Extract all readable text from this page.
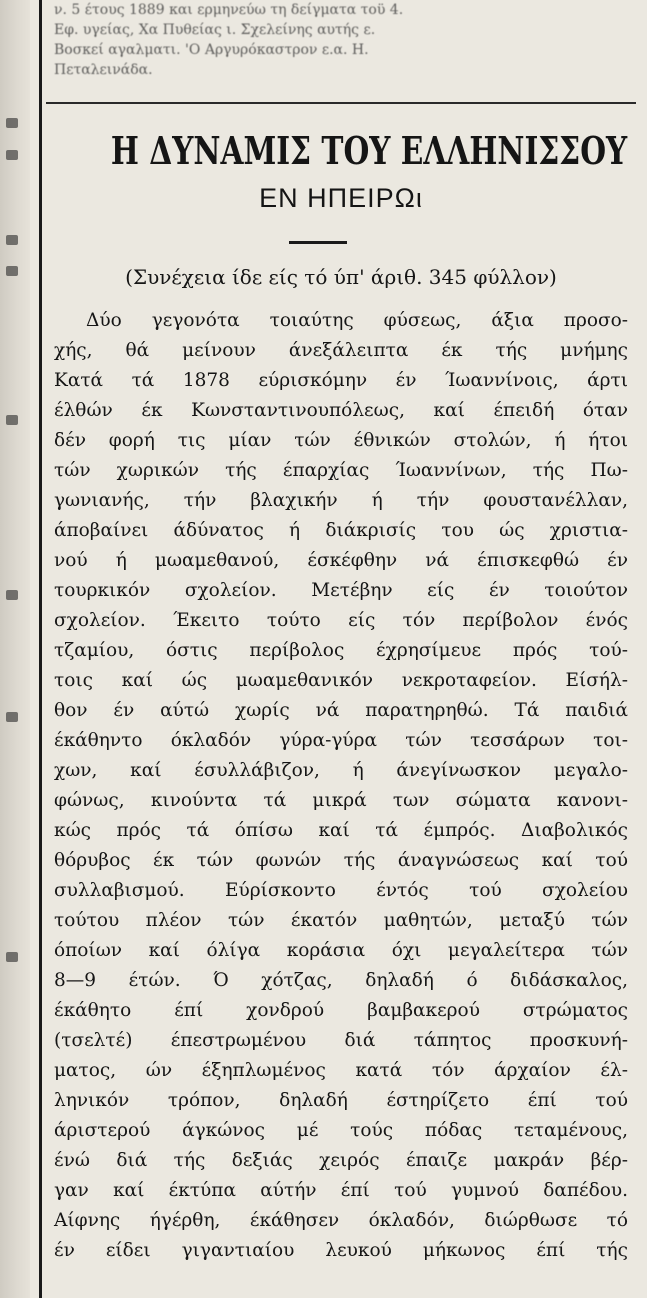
ν. 5 έτους 1889 και ερμηνεύω τη δείγματα τοϋ 4.

Εφ. υγείας, Χα Πυθείας ι. Σχελείνης αυτής ε.

Βοσκεί αγαλματι. 'Ο Αργυρόκαστρον ε.α. Η.

Πεταλεινάδα.

Η ΔΥΝΑΜΙΣ ΤΟΥ ΕΛΛΗΝΙΣΣΟΥ
ΕΝ ΗΠΕΙΡΩι
(Συνέχεια ίδε είς τό ύπ' άριθ. 345 φύλλον)
Δύο γεγονότα τοιαύτης φύσεως, άξια προσο-
χής, θά μείνουν άνεξάλειπτα έκ τής μνήμης
Κατά τά 1878 εύρισκόμην έν Ίωαννίνοις, άρτι
έλθών έκ Κωνσταντινουπόλεως, καί έπειδή όταν
δέν φορή τις μίαν τών έθνικών στολών, ή ήτοι
τών χωρικών τής έπαρχίας Ίωαννίνων, τής Πω-
γωνιανής, τήν βλαχικήν ή τήν φουστανέλλαν,
άποβαίνει άδύνατος ή διάκρισίς του ώς χριστια-
νού ή μωαμεθανού, έσκέφθην νά έπισκεφθώ έν
τουρκικόν σχολείον. Μετέβην είς έν τοιούτον
σχολείον. Έκειτο τούτο είς τόν περίβολον ένός
τζαμίου, όστις περίβολος έχρησίμευε πρός τού-
τοις καί ώς μωαμεθανικόν νεκροταφείον. Είσήλ-
θον έν αύτώ χωρίς νά παρατηρηθώ. Τά παιδιά
έκάθηντο όκλαδόν γύρα-γύρα τών τεσσάρων τοι-
χων, καί έσυλλάβιζον, ή άνεγίνωσκον μεγαλο-
φώνως, κινούντα τά μικρά των σώματα κανονι-
κώς πρός τά όπίσω καί τά έμπρός. Διαβολικός
θόρυβος έκ τών φωνών τής άναγνώσεως καί τού
συλλαβισμού. Εύρίσκοντο έντός τού σχολείου
τούτου πλέον τών έκατόν μαθητών, μεταξύ τών
όποίων καί όλίγα κοράσια όχι μεγαλείτερα τών
8—9 έτών. Ό χότζας, δηλαδή ό διδάσκαλος,
έκάθητο έπί χονδρού βαμβακερού στρώματος
(τσελτέ) έπεστρωμένου διά τάπητος προσκυνή-
ματος, ών έξηπλωμένος κατά τόν άρχαίον έλ-
ληνικόν τρόπον, δηλαδή έστηρίζετο έπί τού
άριστερού άγκώνος μέ τούς πόδας τεταμένους,
ένώ διά τής δεξιάς χειρός έπαιζε μακράν βέρ-
γαν καί έκτύπα αύτήν έπί τού γυμνού δαπέδου.
Αίφνης ήγέρθη, έκάθησεν όκλαδόν, διώρθωσε τό
έν είδει γιγαντιαίου λευκού μήκωνος έπί τής
